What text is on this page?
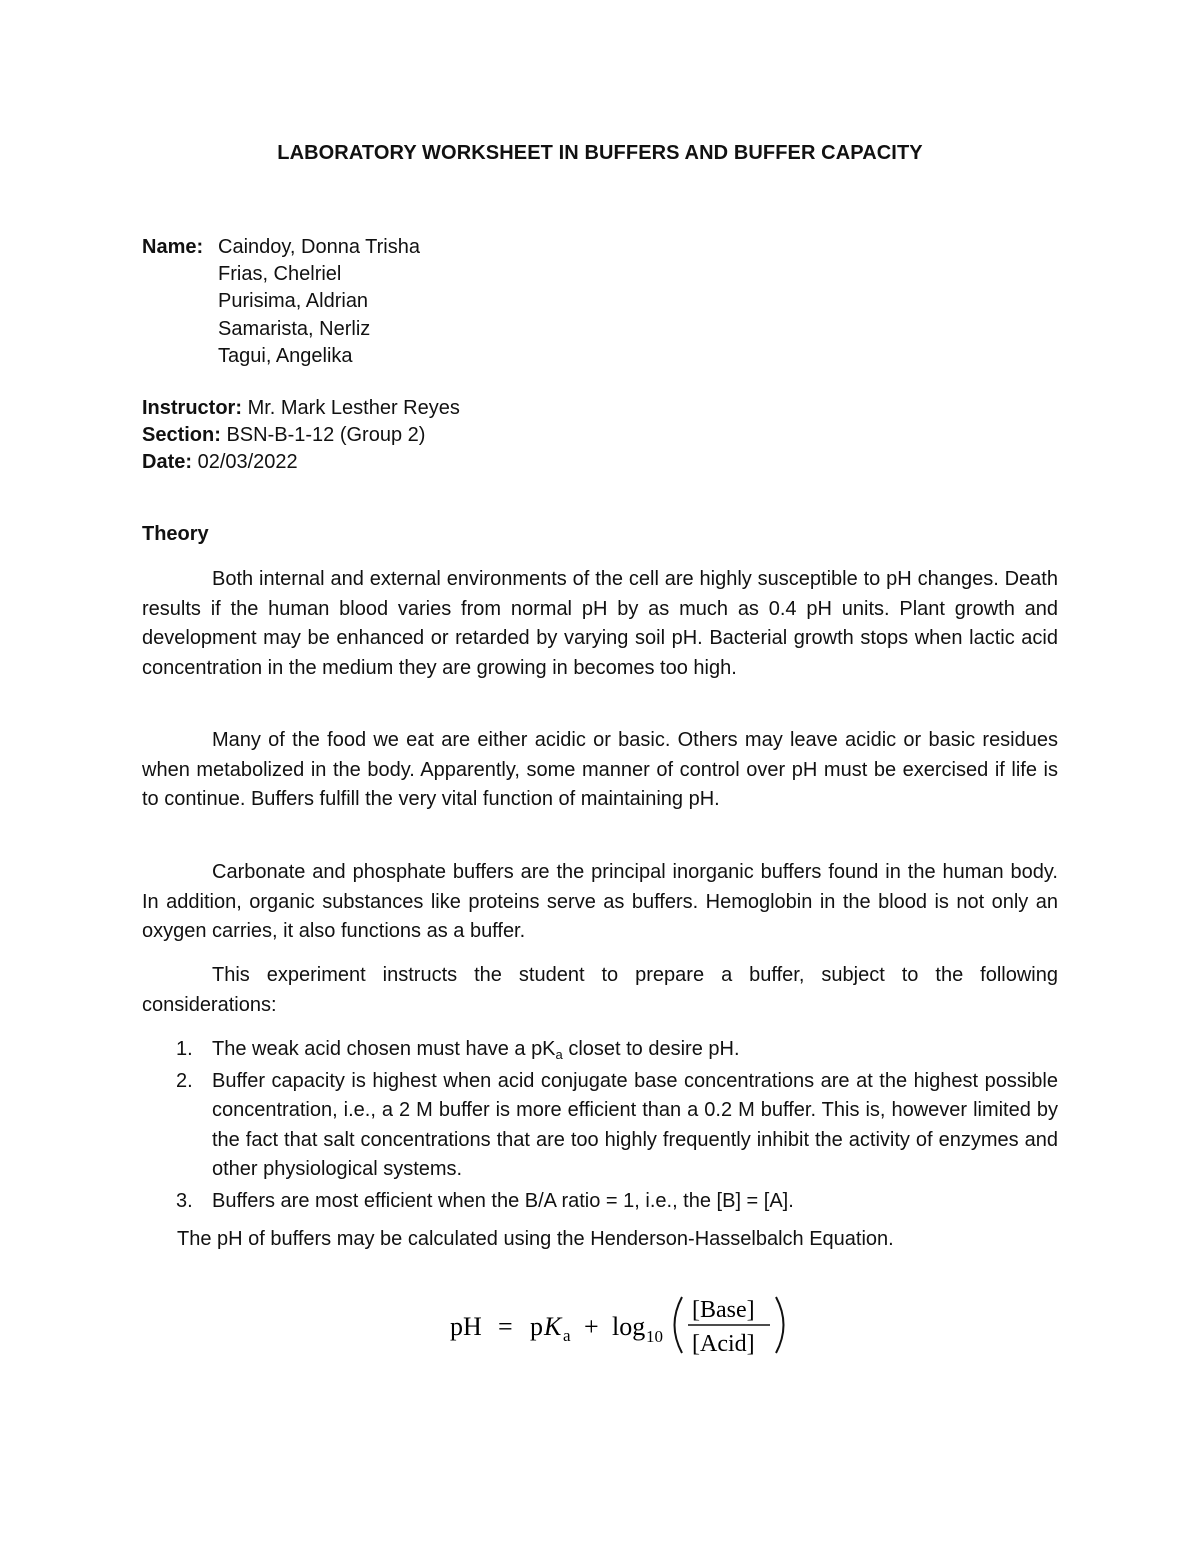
LABORATORY WORKSHEET IN BUFFERS AND BUFFER CAPACITY
Name: Caindoy, Donna Trisha
Frias, Chelriel
Purisima, Aldrian
Samarista, Nerliz
Tagui, Angelika
Instructor: Mr. Mark Lesther Reyes
Section: BSN-B-1-12 (Group 2)
Date: 02/03/2022
Theory

Both internal and external environments of the cell are highly susceptible to pH changes. Death results if the human blood varies from normal pH by as much as 0.4 pH units. Plant growth and development may be enhanced or retarded by varying soil pH. Bacterial growth stops when lactic acid concentration in the medium they are growing in becomes too high.

Many of the food we eat are either acidic or basic. Others may leave acidic or basic residues when metabolized in the body. Apparently, some manner of control over pH must be exercised if life is to continue. Buffers fulfill the very vital function of maintaining pH.

Carbonate and phosphate buffers are the principal inorganic buffers found in the human body. In addition, organic substances like proteins serve as buffers. Hemoglobin in the blood is not only an oxygen carries, it also functions as a buffer.

This experiment instructs the student to prepare a buffer, subject to the following considerations:

1. The weak acid chosen must have a $pK_a$ closet to desire pH.
2. Buffer capacity is highest when acid conjugate base concentrations are at the highest possible concentration, i.e., a 2 M buffer is more efficient than a 0.2 M buffer. This is, however limited by the fact that salt concentrations that are too highly frequently inhibit the activity of enzymes and other physiological systems.
3. Buffers are most efficient when the B/A ratio = 1, i.e., the [B] = [A].
The pH of buffers may be calculated using the Henderson-Hasselbalch Equation.
pH = p K a + log 10
[Base]
[Acid]
